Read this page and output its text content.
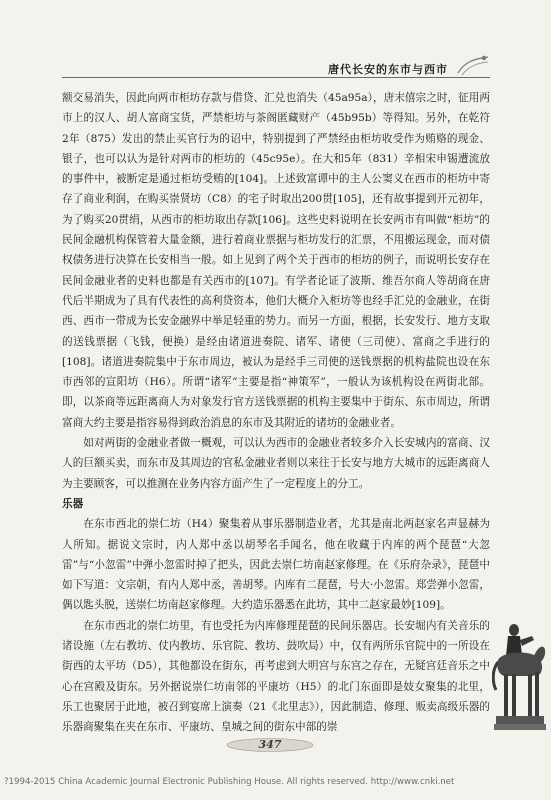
唐代长安的东市与西市

额交易消失，因此向两市柜坊存款与借贷、汇兑也消失（45a95a），唐末僖宗之时，征用两市上的汉人、胡人富商宝货，严禁柜坊与茶阁匿藏财产（45b95b）等得知。另外，在乾符2年（875）发出的禁止买官行为的诏中，特别提到了严禁经由柜坊收受作为贿赂的现金、银子，也可以认为是针对两市的柜坊的（45c95e）。在大和5年（831）辛相宋申锡遭流放的事件中，被断定是通过柜坊受贿的[104]。上述致富谭中的主人公窦义在西市的柜坊中寄存了商业利润，在购买崇贤坊（C8）的宅子时取出200贯[105]，还有故事提到开元初年，为了购买20贯绢，从西市的柜坊取出存款[106]。这些史料说明在长安两市有叫做“柜坊”的民间金融机构保管着大量金额，进行着商业票据与柜坊发行的汇票，不用搬运现金，而对债权债务进行决算在长安相当一般。如上见到了两个关于西市的柜坊的例子，而说明长安存在民间金融业者的史料也都是有关西市的[107]。有学者论证了波斯、维吾尔商人等胡商在唐代后半期成为了具有代表性的高利贷资本，他们大概介入柜坊等也经手汇兑的金融业，在街西、西市一带成为长安金融界中举足轻重的势力。而另一方面，根据，长安发行、地方支取的送钱票据（飞钱，便换）是经由诸道进奏院、诸军、诸使（三司使）、富商之手进行的[108]。诸道进奏院集中于东市周边，被认为是经手三司使的送钱票据的机构盐院也设在东市西邻的宣阳坊（H6）。所谓“诸军”主要是指“神策军”，一般认为该机构设在两街北部。即，以茶商等远距离商人为对象发行官方送钱票据的机构主要集中于街东、东市周边，所谓富商大约主要是指容易得到政治消息的东市及其附近的诸坊的金融业者。

如对两街的金融业者做一概观，可以认为西市的金融业者较多介入长安城内的富商、汉人的巨额买卖，而东市及其周边的官私金融业者则以来往于长安与地方大城市的远距离商人为主要顾客，可以推测在业务内容方面产生了一定程度上的分工。

乐器

在东市西北的崇仁坊（H4）聚集着从事乐器制造业者，尤其是南北两赵家名声显赫为人所知。据说文宗时，内人郑中丞以胡琴名手闻名，他在收藏于内库的两个琵琶“大忽雷”与“小忽雷”中弹小忽雷时掉了把头，因此去崇仁坊南赵家修理。在《乐府杂录》，琵琶中如下写道：文宗朝，有内人郑中丞，善胡琴。内库有二琵琶，号大·小忽雷。郑尝弹小忽雷，偶以匙头脱，送崇仁坊南赵家修理。大约造乐器悉在此坊，其中二赵家最妙[109]。

在东市西北的崇仁坊里，有也受托为内库修理琵琶的民间乐器店。长安堀内有关音乐的诸设施（左右教坊、仗内教坊、乐官院、教坊、鼓吹局）中，仅有两所乐官院中的一所设在街西的太平坊（D5），其他都设在街东，再考虑到大明宫与东宫之存在，无疑宫廷音乐之中心在宫殿及街东。另外据说崇仁坊南邻的平康坊（H5）的北门东面即是妓女聚集的北里，乐工也聚居于此地，被召到宴席上演奏（21《北里志》），因此制造、修理、贩卖高级乐器的乐器商聚集在夹在东市、平康坊、皇城之间的街东中部的崇

347
?1994-2015 China Academic Journal Electronic Publishing House. All rights reserved. http://www.cnki.net
